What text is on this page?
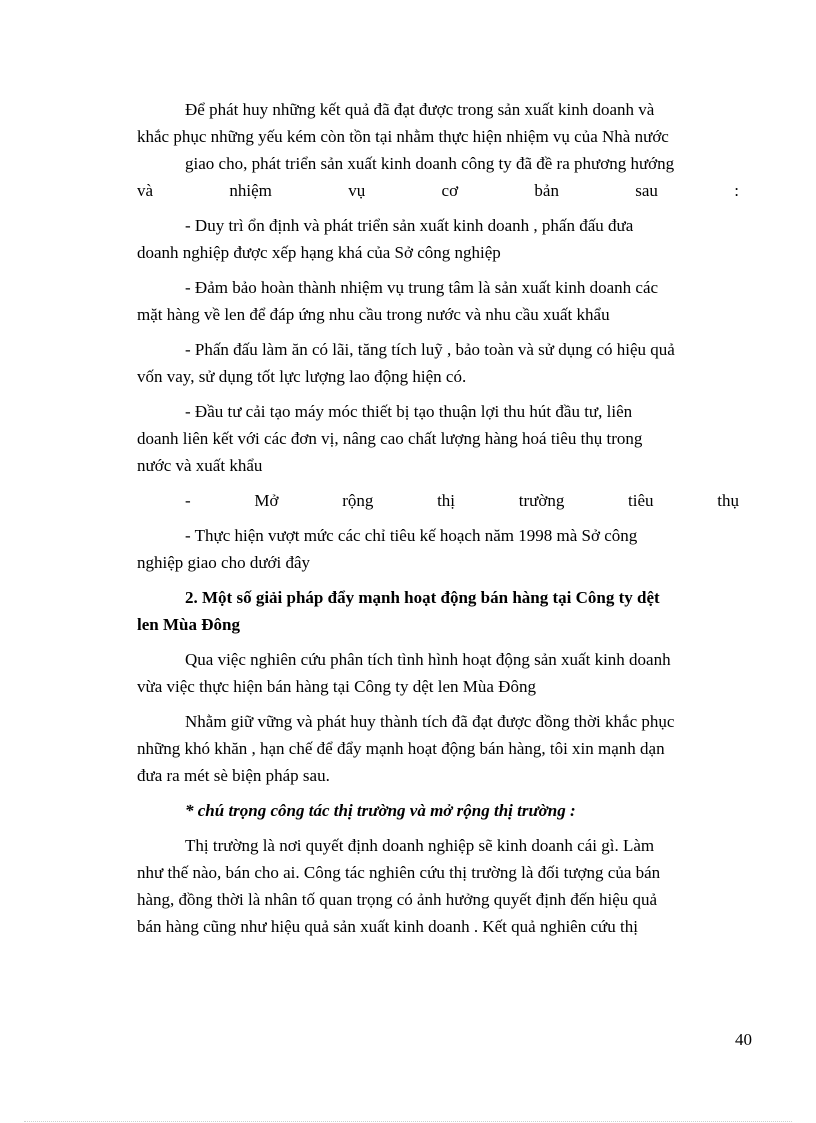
Để phát huy những kết quả đã đạt được trong sản xuất kinh doanh và
khắc phục những yếu kém còn tồn tại nhằm thực hiện nhiệm vụ của Nhà nước
giao cho, phát triển sản xuất kinh doanh công ty đã đề ra phương hướng
và nhiệm vụ cơ bản sau :

- Duy trì ổn định và phát triển sản xuất kinh doanh , phấn đấu đưa
doanh nghiệp được xếp hạng khá của Sở công nghiệp

- Đảm bảo hoàn thành nhiệm vụ trung tâm là sản xuất kinh doanh các
mặt hàng về len để đáp ứng nhu cầu trong nước và nhu cầu xuất khẩu

- Phấn đấu làm ăn có lãi, tăng tích luỹ , bảo toàn và sử dụng có hiệu quả
vốn vay, sử dụng tốt lực lượng lao động hiện có.

- Đầu tư cải tạo máy móc thiết bị tạo thuận lợi thu hút đầu tư, liên
doanh liên kết với các đơn vị, nâng cao chất lượng hàng hoá tiêu thụ trong
nước và xuất khẩu

- Mở rộng thị trường tiêu thụ

- Thực hiện vượt mức các chỉ tiêu kế hoạch năm 1998 mà Sở công
nghiệp giao cho dưới đây

2. Một số giải pháp đẩy mạnh hoạt động bán hàng tại Công ty dệt
len Mùa Đông

Qua việc nghiên cứu phân tích tình hình hoạt động sản xuất kinh doanh
vừa việc thực hiện bán hàng tại Công ty dệt len Mùa Đông

Nhằm giữ vững và phát huy thành tích đã đạt được đồng thời khắc phục
những khó khăn , hạn chế để đẩy mạnh hoạt động bán hàng, tôi xin mạnh dạn
đưa ra mét sè biện pháp sau.

* chú trọng công tác thị trường và mở rộng thị trường :

Thị trường là nơi quyết định doanh nghiệp sẽ kinh doanh cái gì. Làm
như thế nào, bán cho ai. Công tác nghiên cứu thị trường là đối tượng của bán
hàng, đồng thời là nhân tố quan trọng có ảnh hưởng quyết định đến hiệu quả
bán hàng cũng như hiệu quả sản xuất kinh doanh . Kết quả nghiên cứu thị

40
